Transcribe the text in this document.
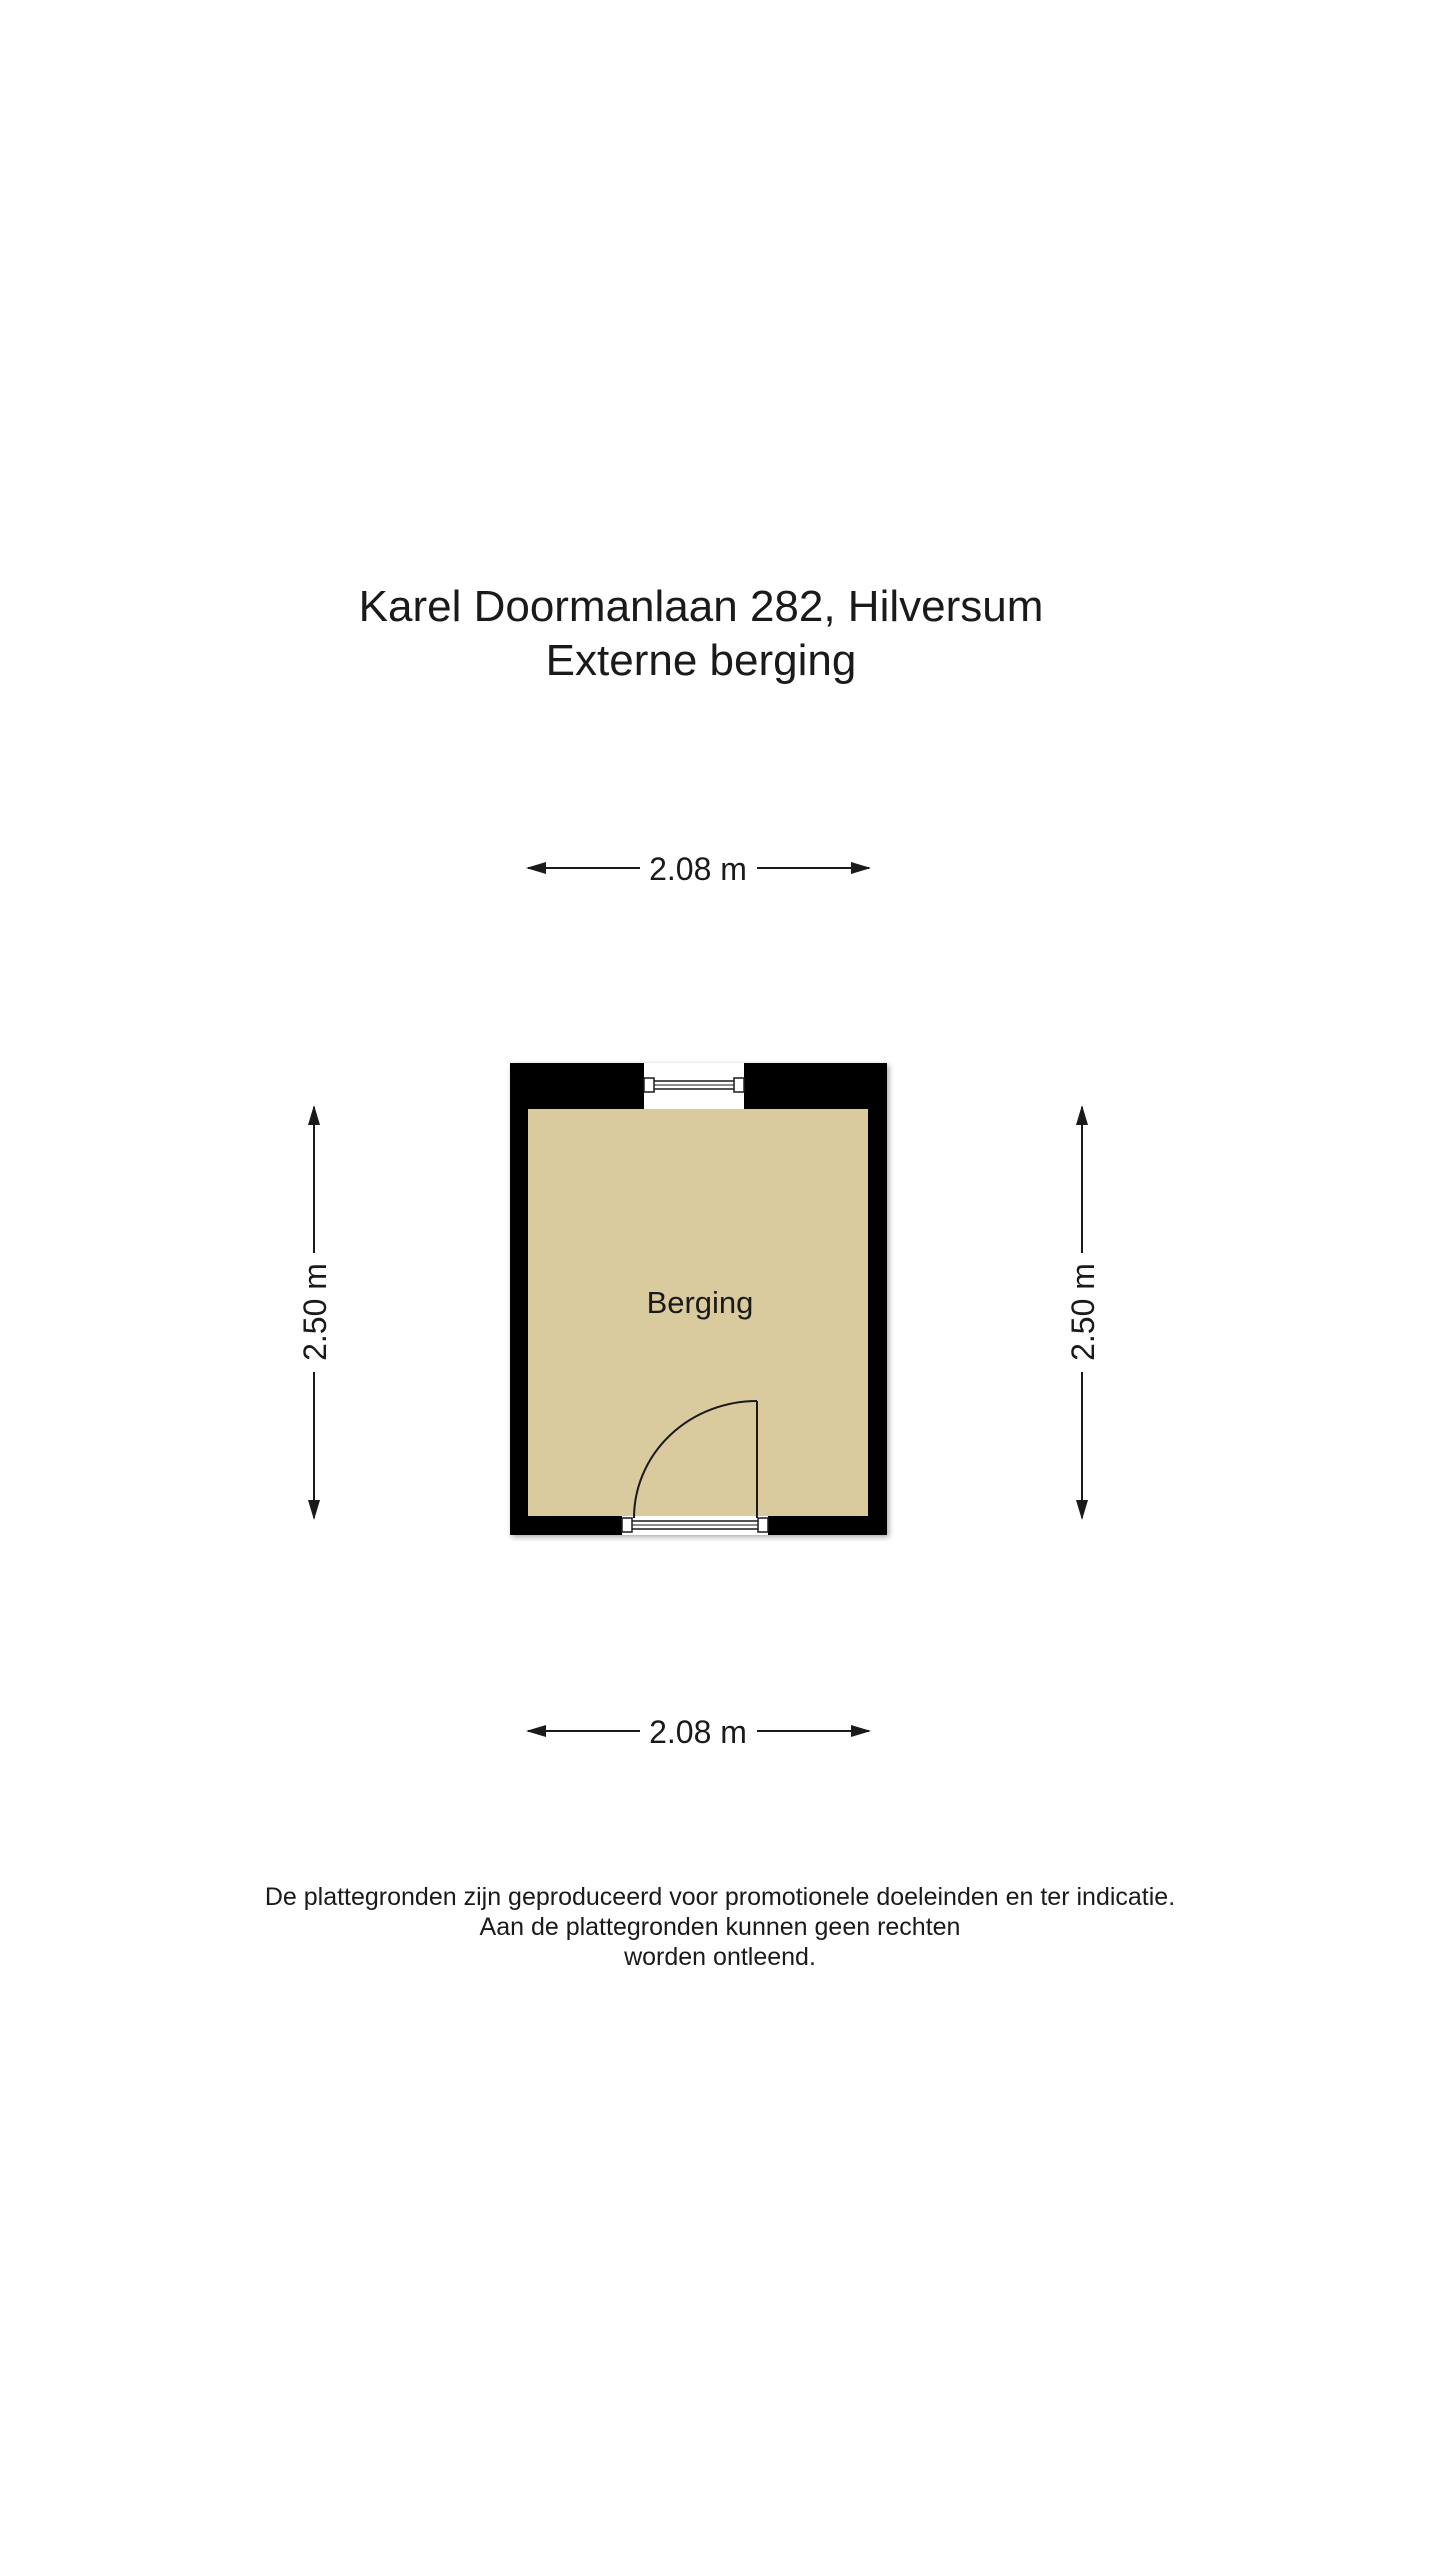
Karel Doormanlaan 282, Hilversum
Externe berging
2.08 m
2.08 m
2.50 m	2.50 m
Berging
De plattegronden zijn geproduceerd voor promotionele doeleinden en ter indicatie.
Aan de plattegronden kunnen geen rechten
worden ontleend.
